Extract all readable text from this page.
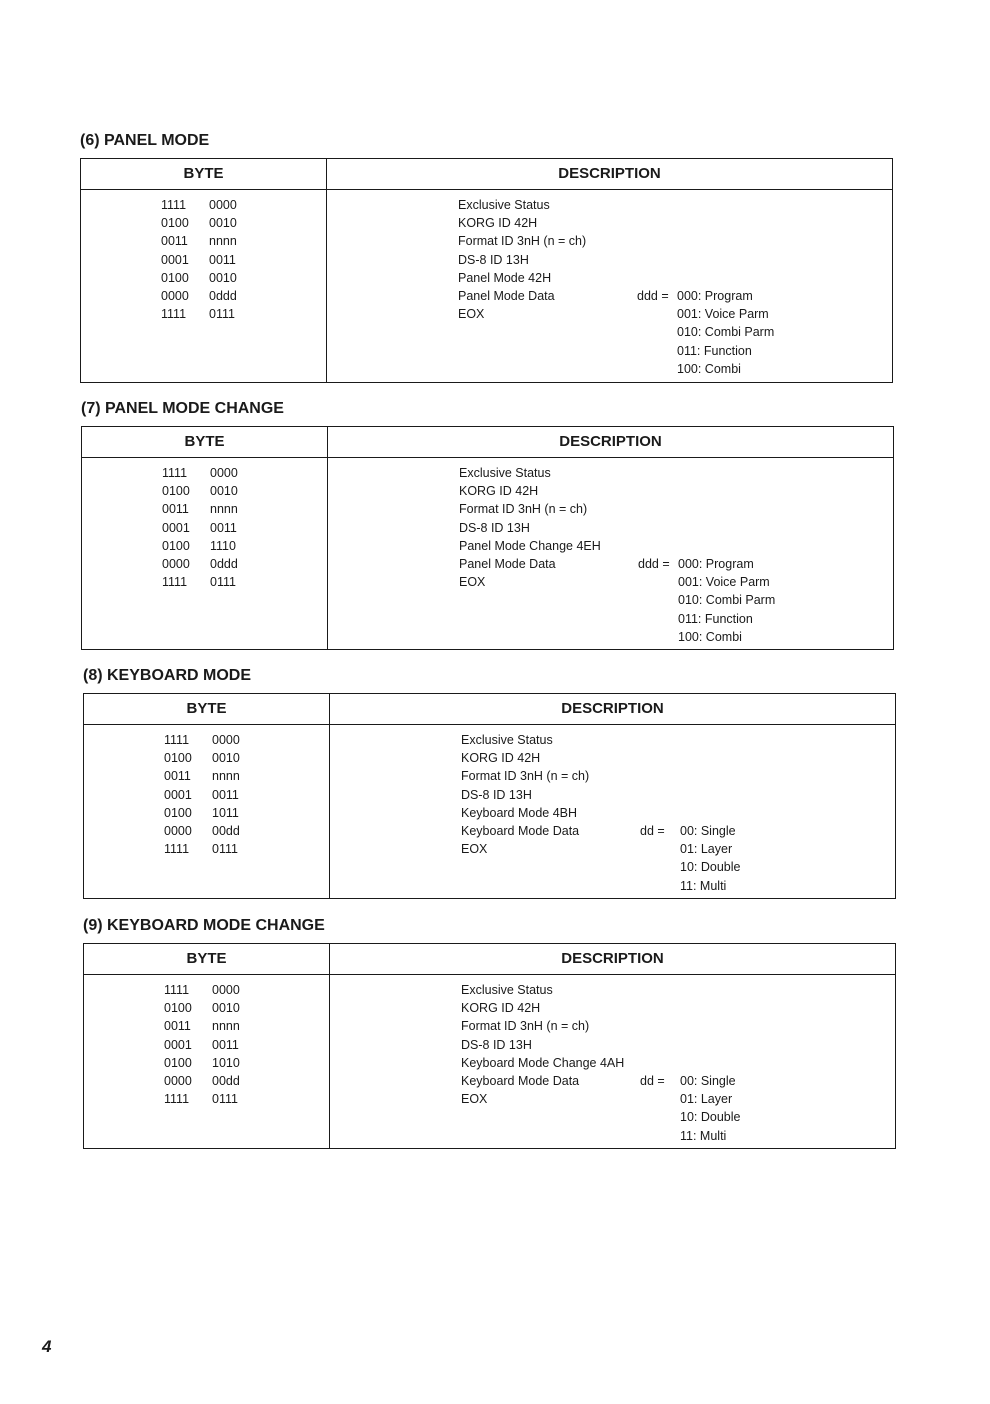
(6) PANEL MODE
BYTE	DESCRIPTION
1111 0000	Exclusive Status
0100 0010	KORG ID 42H
0011 nnnn	Format ID 3nH (n = ch)
0001 0011	DS-8 ID 13H
0100 0010	Panel Mode 42H
0000 0ddd	Panel Mode Data	ddd = 000: Program
1111 0111	EOX	001: Voice Parm
010: Combi Parm
011: Function
100: Combi
(7) PANEL MODE CHANGE
BYTE	DESCRIPTION
1111 0000	Exclusive Status
0100 0010	KORG ID 42H
0011 nnnn	Format ID 3nH (n = ch)
0001 0011	DS-8 ID 13H
0100 1110	Panel Mode Change 4EH
0000 0ddd	Panel Mode Data	ddd = 000: Program
1111 0111	EOX	001: Voice Parm
010: Combi Parm
011: Function
100: Combi
(8) KEYBOARD MODE
BYTE	DESCRIPTION
1111 0000	Exclusive Status
0100 0010	KORG ID 42H
0011 nnnn	Format ID 3nH (n = ch)
0001 0011	DS-8 ID 13H
0100 1011	Keyboard Mode 4BH
0000 00dd	Keyboard Mode Data	dd = 00: Single
1111 0111	EOX	01: Layer
10: Double
11: Multi
(9) KEYBOARD MODE CHANGE
BYTE	DESCRIPTION
1111 0000	Exclusive Status
0100 0010	KORG ID 42H
0011 nnnn	Format ID 3nH (n = ch)
0001 0011	DS-8 ID 13H
0100 1010	Keyboard Mode Change 4AH
0000 00dd	Keyboard Mode Data	dd = 00: Single
1111 0111	EOX	01: Layer
10: Double
11: Multi
4
